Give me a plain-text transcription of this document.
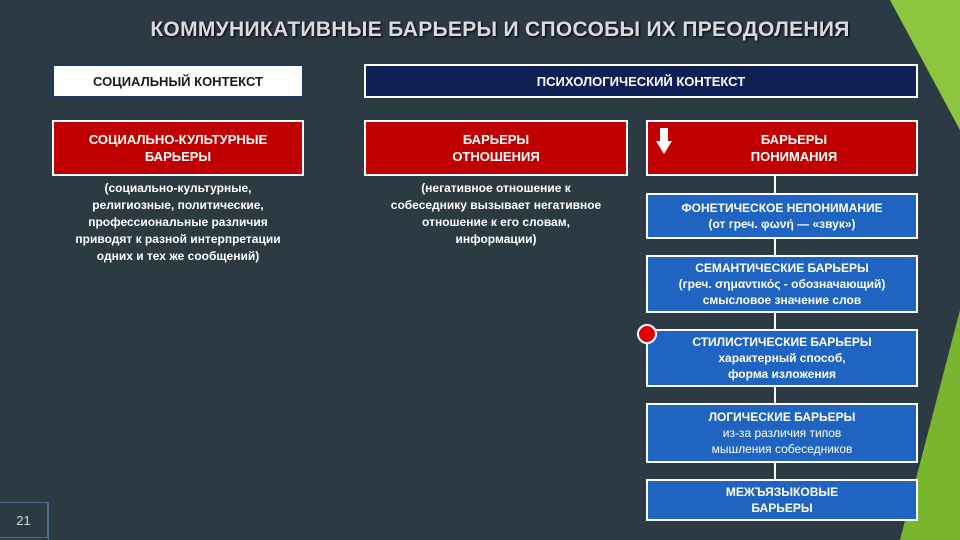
КОММУНИКАТИВНЫЕ БАРЬЕРЫ И СПОСОБЫ ИХ ПРЕОДОЛЕНИЯ
СОЦИАЛЬНЫЙ КОНТЕКСТ	ПСИХОЛОГИЧЕСКИЙ КОНТЕКСТ
СОЦИАЛЬНО-КУЛЬТУРНЫЕ
БАРЬЕРЫ
БАРЬЕРЫ
ОТНОШЕНИЯ
БАРЬЕРЫ
ПОНИМАНИЯ
(социально-культурные,
религиозные, политические,
профессиональные различия
приводят к разной интерпретации
одних и тех же сообщений)
(негативное отношение к
собеседнику вызывает негативное
отношение к его словам,
информации)
ФОНЕТИЧЕСКОЕ НЕПОНИМАНИЕ
(от греч. φωνή — «звук»)
СЕМАНТИЧЕСКИЕ БАРЬЕРЫ
(греч. σημαντικός - обозначающий)
смысловое значение слов
СТИЛИСТИЧЕСКИЕ БАРЬЕРЫ
характерный способ,
форма изложения
ЛОГИЧЕСКИЕ БАРЬЕРЫ
из-за различия типов
мышления собеседников
МЕЖЪЯЗЫКОВЫЕ
БАРЬЕРЫ
21
